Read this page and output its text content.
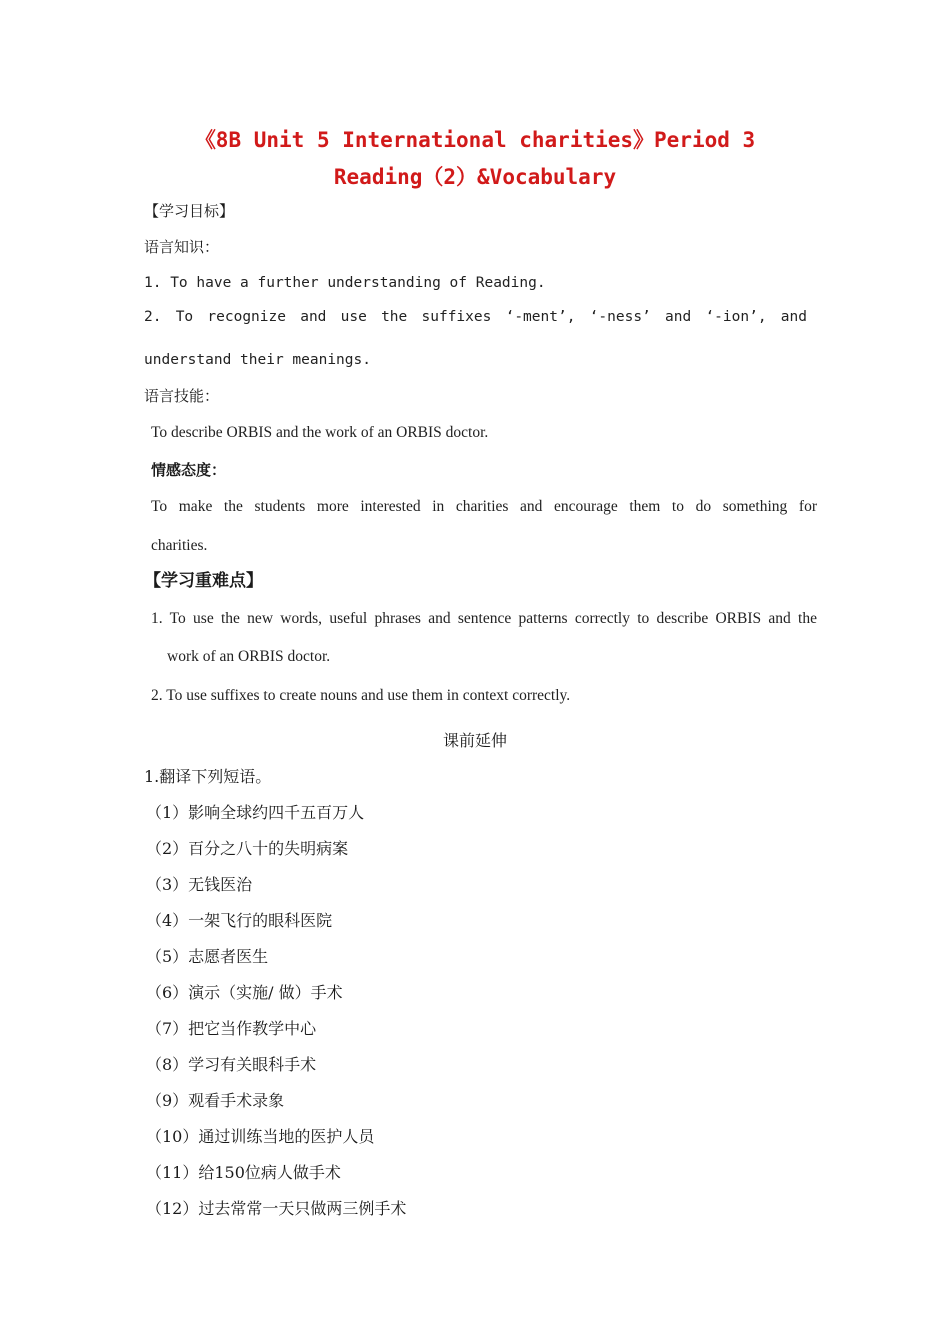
《8B Unit 5 International charities》Period 3
Reading（2）&Vocabulary
【学习目标】
语言知识：
1. To have a further understanding of Reading.
2. To recognize and use the suffixes ‘-ment’, ‘-ness’ and ‘-ion’, and
understand their meanings.
语言技能：
To describe ORBIS and the work of an ORBIS doctor.
情感态度：
To make the students more interested in charities and encourage them to do something for
charities.
【学习重难点】
1. To use the new words, useful phrases and sentence patterns correctly to describe ORBIS and the
work of an ORBIS doctor.
2. To use suffixes to create nouns and use them in context correctly.
课前延伸
1.翻译下列短语。
（1）影响全球约四千五百万人
（2）百分之八十的失明病案
（3）无钱医治
（4）一架飞行的眼科医院
（5）志愿者医生
（6）演示（实施/ 做）手术
（7）把它当作教学中心
（8）学习有关眼科手术
（9）观看手术录象
（10）通过训练当地的医护人员
（11）给150位病人做手术
（12）过去常常一天只做两三例手术
